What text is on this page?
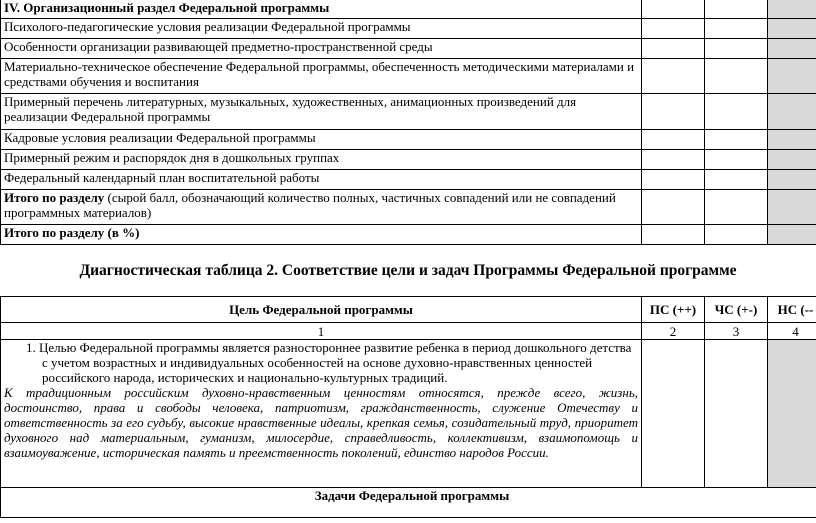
IV. Организационный раздел Федеральной программы			
Психолого-педагогические условия реализации Федеральной программы			
Особенности организации развивающей предметно-пространственной среды			
Материально-техническое обеспечение Федеральной программы, обеспеченность методическими материалами и средствами обучения и воспитания			
Примерный перечень литературных, музыкальных, художественных, анимационных произведений для реализации Федеральной программы			
Кадровые условия реализации Федеральной программы			
Примерный режим и распорядок дня в дошкольных группах			
Федеральный календарный план воспитательной работы			
Итого по разделу (сырой балл, обозначающий количество полных, частичных совпадений или не совпадений программных материалов)			
Итого по разделу (в %)			
Диагностическая таблица 2. Соответствие цели и задач Программы Федеральной программе
Цель Федеральной программы	ПС (++)	ЧС (+-)	НС (--
1	2	3	4

1. Целью Федеральной программы является разностороннее развитие ребенка в период дошкольного детства с учетом возрастных и индивидуальных особенностей на основе духовно-нравственных ценностей российского народа, исторических и национально-культурных традиций.
К традиционным российским духовно-нравственным ценностям относятся, прежде всего, жизнь, достоинство, права и свободы человека, патриотизм, гражданственность, служение Отечеству и ответственность за его судьбу, высокие нравственные идеалы, крепкая семья, созидательный труд, приоритет духовного над материальным, гуманизм, милосердие, справедливость, коллективизм, взаимопомощь и взаимоуважение, историческая память и преемственность поколений, единство народов России.			

Задачи Федеральной программы			
